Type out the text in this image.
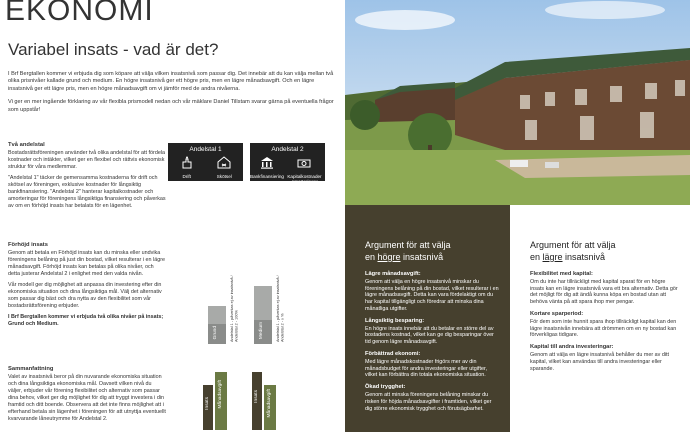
EKONOMI
Variabel insats - vad är det?

I Brf Bergtallen kommer vi erbjuda dig som köpare att välja vilken insatsnivå som passar dig. Det innebär att du kan välja mellan två olika prisnivåer kallade grund och medium. En högre insatsnivå ger ett högre pris, men en lägre månadsavgift. Och en lägre insatsnivå ger ett lägre pris, men en högre månadsavgift om vi jämför med de andra nivåerna.

Vi ger en mer ingående förklaring av vår flexibla prismodell nedan och vår mäklare Daniel Tillstam svarar gärna på eventuella frågor som uppstår!

Två andelstal

Bostadsrättsföreningen använder två olika andelstal för att fördela kostnader och intäkter, vilket ger en flexibel och rättvis ekonomisk struktur för våra medlemmar.

"Andelstal 1" täcker de gemensamma kostnaderna för drift och skötsel av föreningen, exklusive kostnader för långsiktig bankfinansiering. "Andelstal 2" hanterar kapitalkostnader och amorteringar för föreningens långsiktiga finansiering och påverkas av om en förhöjd insats har betalats för en lägenhet.

Andelstal 1
Drift	Skötsel
Andelstal 2
Bankfinansiering Kapitalkostnader Amorteringar
Förhöjd insats

Genom att betala en Förhöjd insats kan du minska eller undvika föreningens belåning på just din bostad, vilket resulterar i en lägre månadsavgift. Förhöjd insats kan betalas på olika nivåer, och detta justerar Andelstal 2 i enlighet med den valda nivån.

Vår modell ger dig möjlighet att anpassa din investering efter din ekonomiska situation och dina långsiktiga mål. Välj det alternativ som passar dig bäst och dra nytta av den flexibilitet som vår bostadsrättsförening erbjuder.

I Brf Bergtallen kommer vi erbjuda två olika nivåer på insats; Grund och Medium.

Sammanfattning

Valet av insatsnivå beror på din nuvarande ekonomiska situation och dina långsiktiga ekonomiska mål. Oavsett vilken nivå du väljer, erbjuder vår förening flexibilitet och alternativ som passar dina behov, vilket ger dig möjlighet för dig att tryggt investera i din framtid och ditt boende. Observera att det inte finns möjlighet att i efterhand betala sin lägenhet i föreningen för att utnyttja eventuellt kvarvarande låneutrymme för Andelstal 2.

Grund	Andelstal 1 - påverkas ej av insatsnivå / Andelstal 2 - 100%	Medium	Andelstal 1 - påverkas ej av insatsnivå / Andelstal 2 - x %
Insats Månadsavgift	Insats Månadsavgift
Argument för att välja
en högre insatsnivå
Lägre månadsavgift:

Genom att välja en högre insatsnivå minskar du föreningens belåning på din bostad, vilket resulterar i en lägre månadsavgift. Detta kan vara fördelaktigt om du har kapital tillgängligt och föredrar att minska dina månatliga utgifter.

Långsiktig besparing:

En högre insats innebär att du betalar en större del av bostadens kostnad, vilket kan ge dig besparingar över tid genom lägre månadsavgift.

Förbättrad ekonomi:

Med lägre månadskostnader frigörs mer av din månadsbudget för andra investeringar eller utgifter, vilket kan förbättra din totala ekonomiska situation.

Ökad trygghet:

Genom att minska föreningens belåning minskar du risken för höjda månadsavgifter i framtiden, vilket ger dig större ekonomisk trygghet och förutsägbarhet.

Argument för att välja
en lägre insatsnivå
Flexibilitet med kapital:

Om du inte har tillräckligt med kapital sparat för en högre insats kan en lägre insatsnivå vara ett bra alternativ. Detta gör det möjligt för dig att ändå kunna köpa en bostad utan att behöva vänta på att spara ihop mer pengar.

Kortare sparperiod:

För dem som inte hunnit spara ihop tillräckligt kapital kan den lägre insatsnivån innebära att drömmen om en ny bostad kan förverkligas tidigare.

Kapital till andra investeringar:

Genom att välja en lägre insatsnivå behåller du mer av ditt kapital, vilket kan användas till andra investeringar eller sparande.
